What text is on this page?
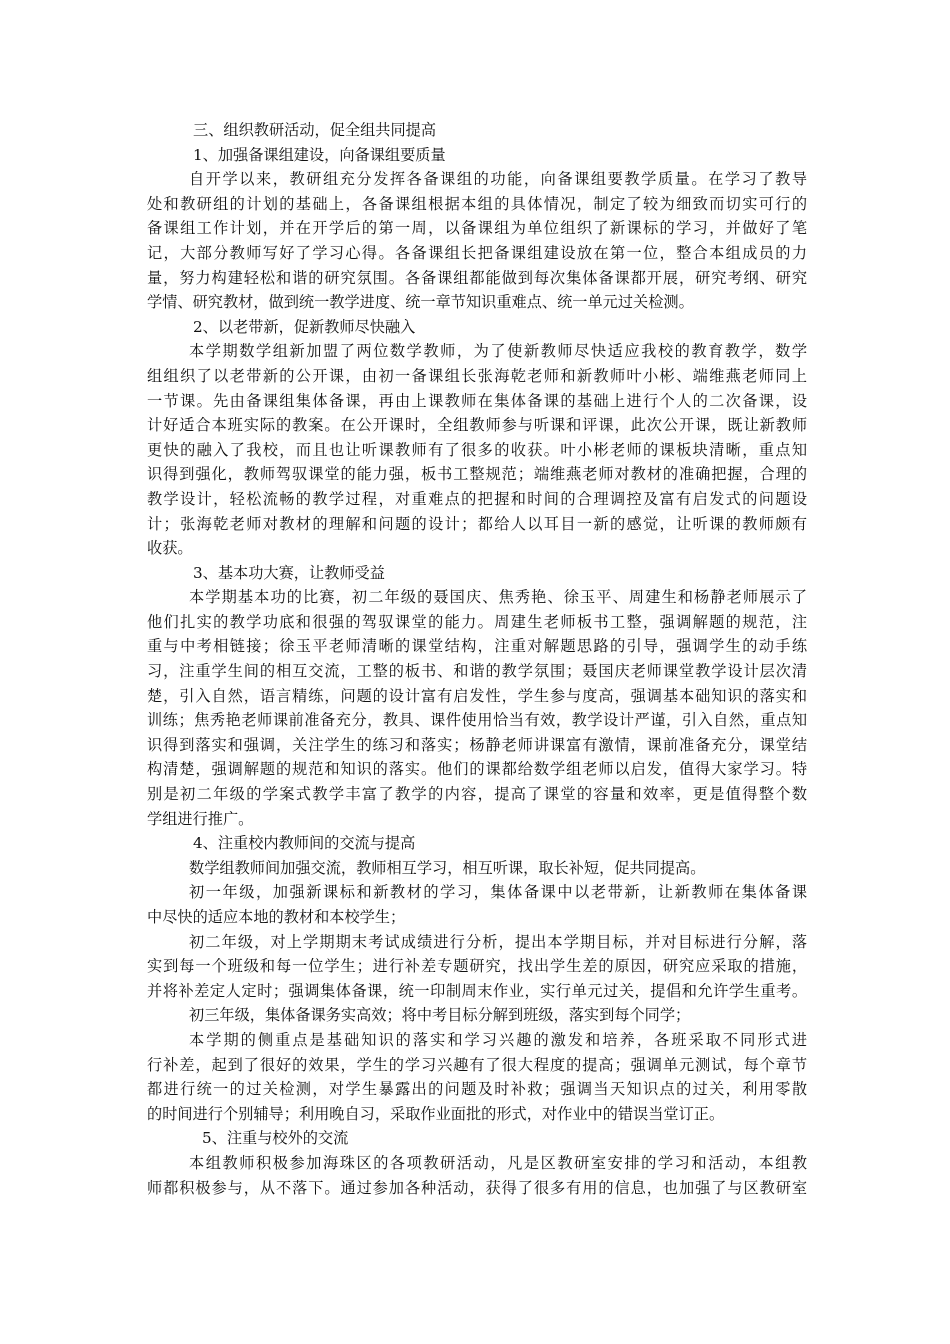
三、组织教研活动，促全组共同提高
1、加强备课组建设，向备课组要质量
自开学以来，教研组充分发挥各备课组的功能，向备课组要教学质量。在学习了教导
处和教研组的计划的基础上，各备课组根据本组的具体情况，制定了较为细致而切实可行的
备课组工作计划，并在开学后的第一周，以备课组为单位组织了新课标的学习，并做好了笔
记，大部分教师写好了学习心得。各备课组长把备课组建设放在第一位，整合本组成员的力
量，努力构建轻松和谐的研究氛围。各备课组都能做到每次集体备课都开展，研究考纲、研究
学情、研究教材，做到统一教学进度、统一章节知识重难点、统一单元过关检测。
2、以老带新，促新教师尽快融入
本学期数学组新加盟了两位数学教师，为了使新教师尽快适应我校的教育教学，数学
组组织了以老带新的公开课，由初一备课组长张海乾老师和新教师叶小彬、端维燕老师同上
一节课。先由备课组集体备课，再由上课教师在集体备课的基础上进行个人的二次备课，设
计好适合本班实际的教案。在公开课时，全组教师参与听课和评课，此次公开课，既让新教师
更快的融入了我校，而且也让听课教师有了很多的收获。叶小彬老师的课板块清晰，重点知
识得到强化，教师驾驭课堂的能力强，板书工整规范；端维燕老师对教材的准确把握，合理的
教学设计，轻松流畅的教学过程，对重难点的把握和时间的合理调控及富有启发式的问题设
计；张海乾老师对教材的理解和问题的设计；都给人以耳目一新的感觉，让听课的教师颇有
收获。
3、基本功大赛，让教师受益
本学期基本功的比赛，初二年级的聂国庆、焦秀艳、徐玉平、周建生和杨静老师展示了
他们扎实的教学功底和很强的驾驭课堂的能力。周建生老师板书工整，强调解题的规范，注
重与中考相链接；徐玉平老师清晰的课堂结构，注重对解题思路的引导，强调学生的动手练
习，注重学生间的相互交流，工整的板书、和谐的教学氛围；聂国庆老师课堂教学设计层次清
楚，引入自然，语言精练，问题的设计富有启发性，学生参与度高，强调基本础知识的落实和
训练；焦秀艳老师课前准备充分，教具、课件使用恰当有效，教学设计严谨，引入自然，重点知
识得到落实和强调，关注学生的练习和落实；杨静老师讲课富有激情，课前准备充分，课堂结
构清楚，强调解题的规范和知识的落实。他们的课都给数学组老师以启发，值得大家学习。特
别是初二年级的学案式教学丰富了教学的内容，提高了课堂的容量和效率，更是值得整个数
学组进行推广。
4、注重校内教师间的交流与提高
数学组教师间加强交流，教师相互学习，相互听课，取长补短，促共同提高。
初一年级，加强新课标和新教材的学习，集体备课中以老带新，让新教师在集体备课
中尽快的适应本地的教材和本校学生；
初二年级，对上学期期末考试成绩进行分析，提出本学期目标，并对目标进行分解，落
实到每一个班级和每一位学生；进行补差专题研究，找出学生差的原因，研究应采取的措施，
并将补差定人定时；强调集体备课，统一印制周末作业，实行单元过关，提倡和允许学生重考。
初三年级，集体备课务实高效；将中考目标分解到班级，落实到每个同学；
本学期的侧重点是基础知识的落实和学习兴趣的激发和培养，各班采取不同形式进
行补差，起到了很好的效果，学生的学习兴趣有了很大程度的提高；强调单元测试，每个章节
都进行统一的过关检测，对学生暴露出的问题及时补救；强调当天知识点的过关，利用零散
的时间进行个别辅导；利用晚自习，采取作业面批的形式，对作业中的错误当堂订正。
5、注重与校外的交流
本组教师积极参加海珠区的各项教研活动，凡是区教研室安排的学习和活动，本组教
师都积极参与，从不落下。通过参加各种活动，获得了很多有用的信息，也加强了与区教研室
